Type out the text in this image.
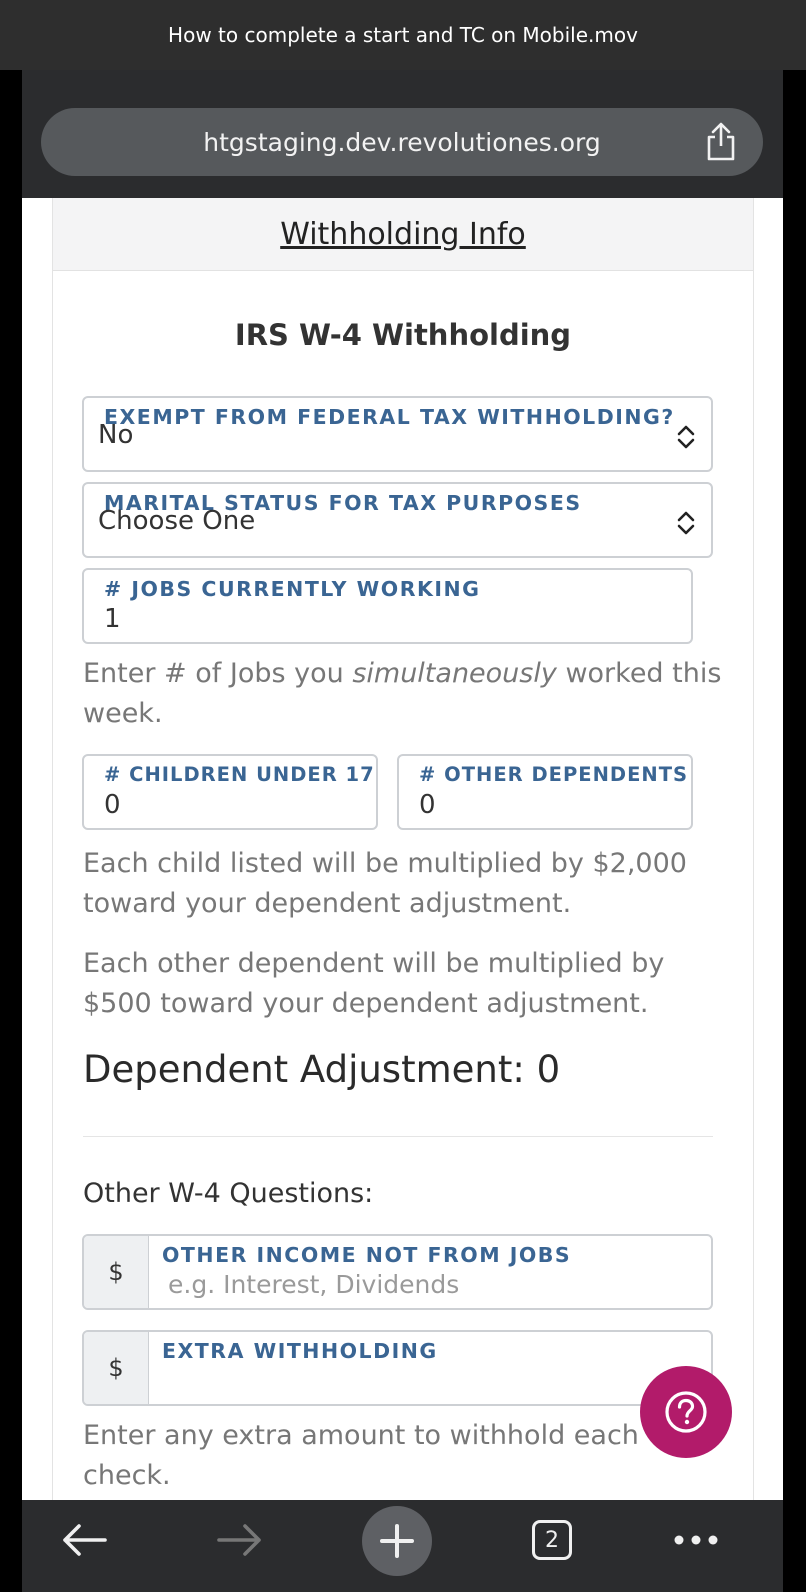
How to complete a start and TC on Mobile.mov
htgstaging.dev.revolutiones.org
Withholding Info
IRS W-4 Withholding
EXEMPT FROM FEDERAL TAX WITHHOLDING?
No
MARITAL STATUS FOR TAX PURPOSES
Choose One
# JOBS CURRENTLY WORKING
1
Enter # of Jobs you simultaneously worked this week.
# CHILDREN UNDER 17
0
# OTHER DEPENDENTS
0
Each child listed will be multiplied by $2,000 toward your dependent adjustment.
Each other dependent will be multiplied by $500 toward your dependent adjustment.
Dependent Adjustment: 0
Other W-4 Questions:
$
OTHER INCOME NOT FROM JOBS
e.g. Interest, Dividends
$
EXTRA WITHHOLDING
Enter any extra amount to withhold each check.
2
